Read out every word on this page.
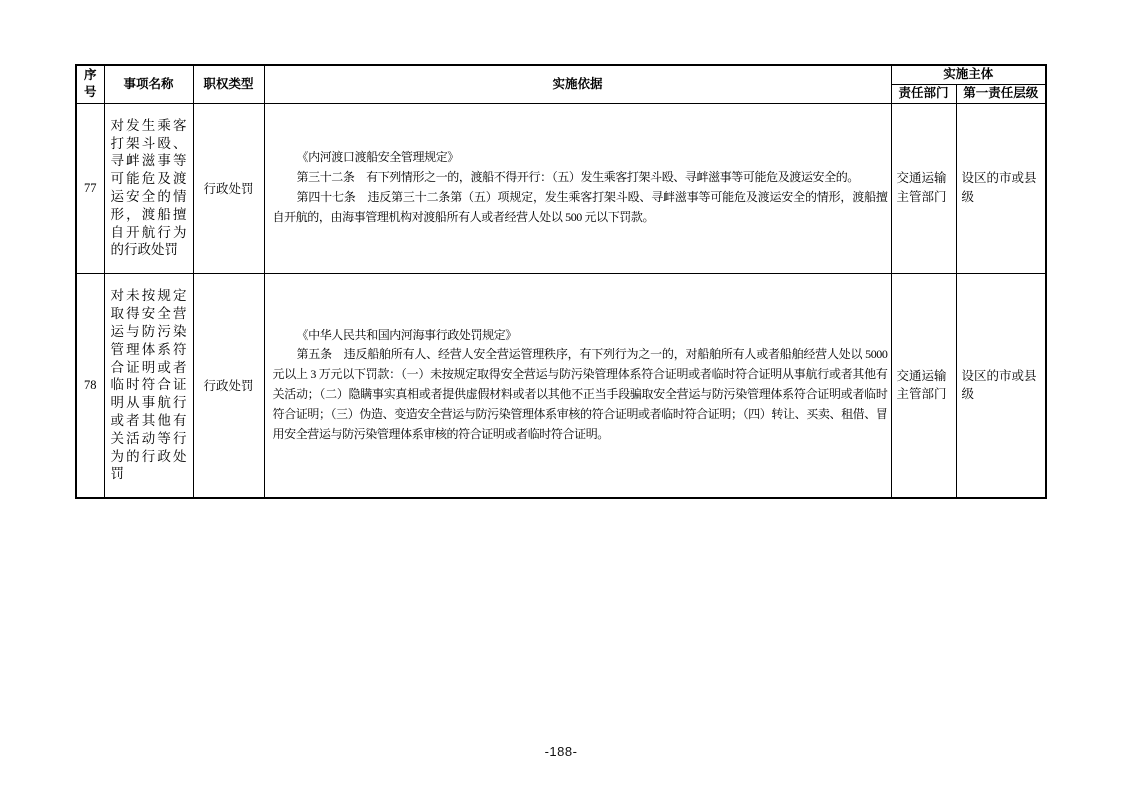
序号	事项名称	职权类型	实施依据	实施主体	
				责任部门	第一责任层级
77	对发生乘客打架斗殴、寻衅滋事等可能危及渡运安全的情形，渡船擅自开航行为的行政处罚	行政处罚	《内河渡口渡船安全管理规定》

第三十二条　有下列情形之一的，渡船不得开行：（五）发生乘客打架斗殴、寻衅滋事等可能危及渡运安全的。

第四十七条　违反第三十二条第（五）项规定，发生乘客打架斗殴、寻衅滋事等可能危及渡运安全的情形，渡船擅自开航的，由海事管理机构对渡船所有人或者经营人处以 500 元以下罚款。	交通运输主管部门	设区的市或县级
78	对未按规定取得安全营运与防污染管理体系符合证明或者临时符合证明从事航行或者其他有关活动等行为的行政处罚	行政处罚	《中华人民共和国内河海事行政处罚规定》

第五条　违反船舶所有人、经营人安全营运管理秩序，有下列行为之一的，对船舶所有人或者船舶经营人处以 5000 元以上 3 万元以下罚款：（一）未按规定取得安全营运与防污染管理体系符合证明或者临时符合证明从事航行或者其他有关活动；（二）隐瞒事实真相或者提供虚假材料或者以其他不正当手段骗取安全营运与防污染管理体系符合证明或者临时符合证明；（三）伪造、变造安全营运与防污染管理体系审核的符合证明或者临时符合证明；（四）转让、买卖、租借、冒用安全营运与防污染管理体系审核的符合证明或者临时符合证明。	交通运输主管部门	设区的市或县级
-188-
